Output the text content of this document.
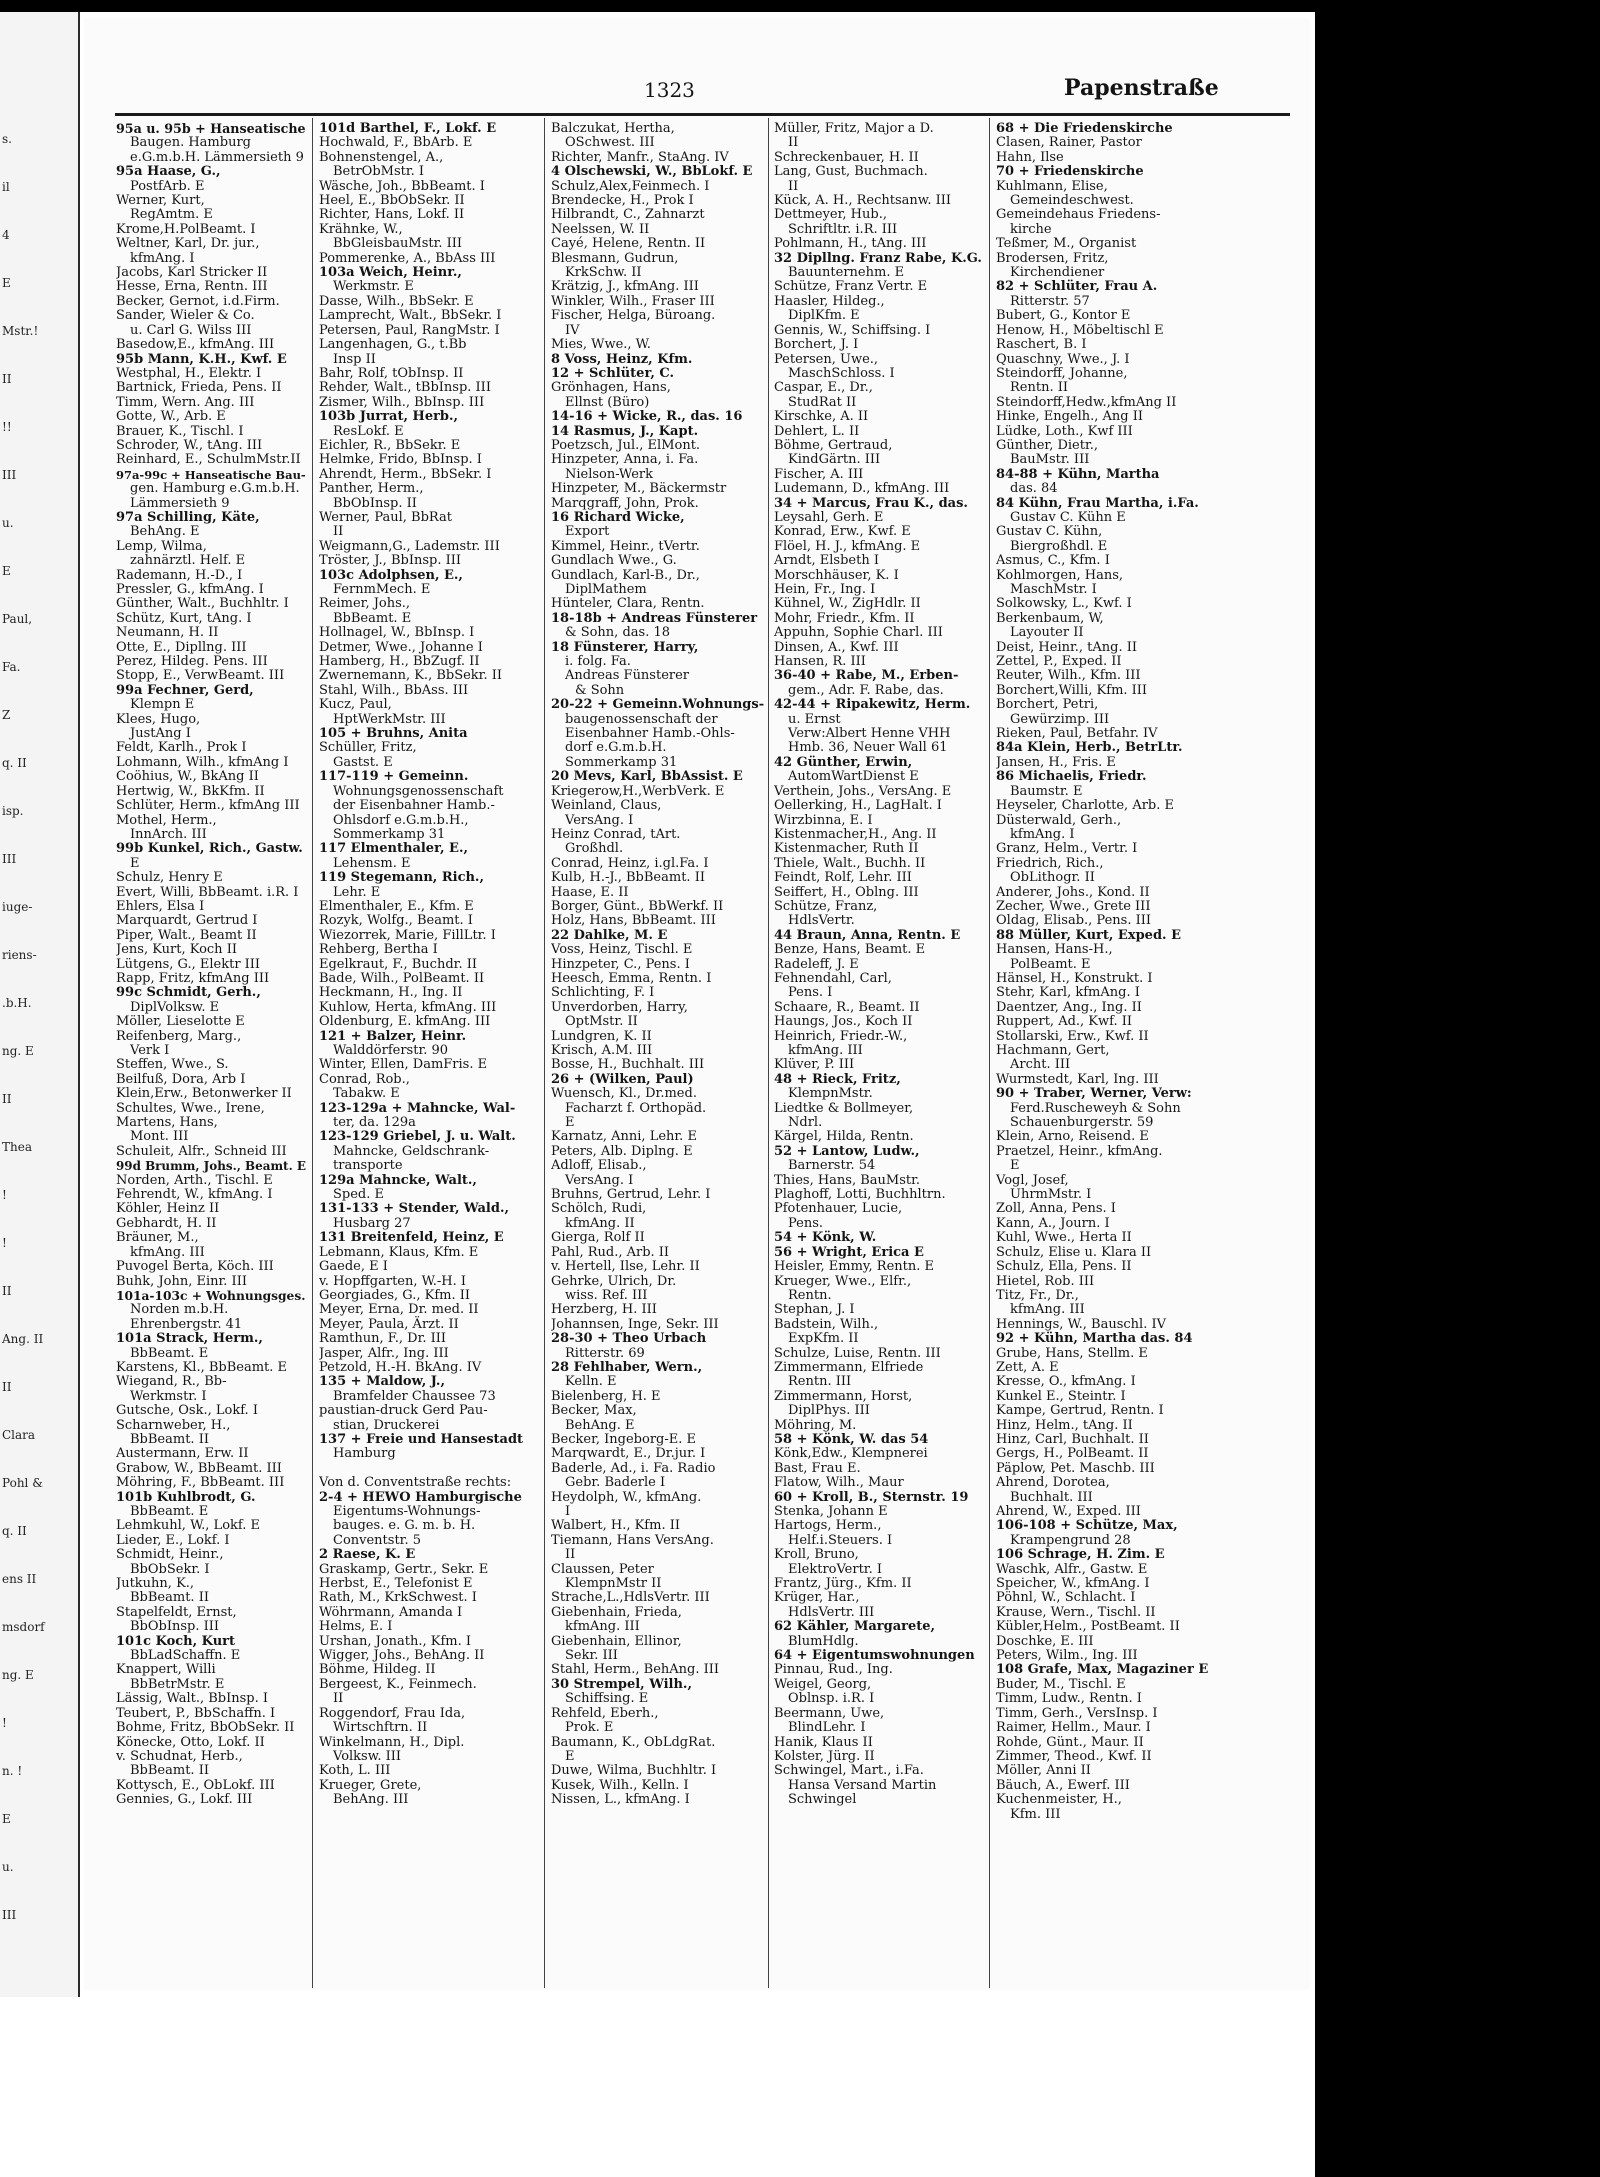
s.
il
4
E
Mstr.!
II
!!
III
u.
E
Paul,
Fa.
Z
q. II
isp.
III
iuge-
riens-
.b.H.
ng. E
II
Thea
!
!
II
Ang. II
II
Clara
Pohl &
q. II
ens II
msdorf
ng. E
!
n. !
E
u.
III
1323	Papenstraße
95a u. 95b + Hanseatische
Baugen. Hamburg
e.G.m.b.H. Lämmersieth 9
95a Haase, G.,
PostfArb. E
Werner, Kurt,
RegAmtm. E
Krome,H.PolBeamt. I
Weltner, Karl, Dr. jur.,
kfmAng. I
Jacobs, Karl Stricker II
Hesse, Erna, Rentn. III
Becker, Gernot, i.d.Firm.
Sander, Wieler & Co.
u. Carl G. Wilss III
Basedow,E., kfmAng. III
95b Mann, K.H., Kwf. E
Westphal, H., Elektr. I
Bartnick, Frieda, Pens. II
Timm, Wern. Ang. III
Gotte, W., Arb. E
Brauer, K., Tischl. I
Schroder, W., tAng. III
Reinhard, E., SchulmMstr.II
97a-99c + Hanseatische Bau-
gen. Hamburg e.G.m.b.H.
Lämmersieth 9
97a Schilling, Käte,
BehAng. E
Lemp, Wilma,
zahnärztl. Helf. E
Rademann, H.-D., I
Pressler, G., kfmAng. I
Günther, Walt., Buchhltr. I
Schütz, Kurt, tAng. I
Neumann, H. II
Otte, E., Dipllng. III
Perez, Hildeg. Pens. III
Stopp, E., VerwBeamt. III
99a Fechner, Gerd,
Klempn E
Klees, Hugo,
JustAng I
Feldt, Karlh., Prok I
Lohmann, Wilh., kfmAng I
Coöhius, W., BkAng II
Hertwig, W., BkKfm. II
Schlüter, Herm., kfmAng III
Mothel, Herm.,
InnArch. III
99b Kunkel, Rich., Gastw.
E
Schulz, Henry E
Evert, Willi, BbBeamt. i.R. I
Ehlers, Elsa I
Marquardt, Gertrud I
Piper, Walt., Beamt II
Jens, Kurt, Koch II
Lütgens, G., Elektr III
Rapp, Fritz, kfmAng III
99c Schmidt, Gerh.,
DiplVolksw. E
Möller, Lieselotte E
Reifenberg, Marg.,
Verk I
Steffen, Wwe., S.
Beilfuß, Dora, Arb I
Klein,Erw., Betonwerker II
Schultes, Wwe., Irene,
Martens, Hans,
Mont. III
Schuleit, Alfr., Schneid III
99d Brumm, Johs., Beamt. E
Norden, Arth., Tischl. E
Fehrendt, W., kfmAng. I
Köhler, Heinz II
Gebhardt, H. II
Bräuner, M.,
kfmAng. III
Puvogel Berta, Köch. III
Buhk, John, Einr. III
101a-103c + Wohnungsges.
Norden m.b.H.
Ehrenbergstr. 41
101a Strack, Herm.,
BbBeamt. E
Karstens, Kl., BbBeamt. E
Wiegand, R., Bb-
Werkmstr. I
Gutsche, Osk., Lokf. I
Scharnweber, H.,
BbBeamt. II
Austermann, Erw. II
Grabow, W., BbBeamt. III
Möhring, F., BbBeamt. III
101b Kuhlbrodt, G.
BbBeamt. E
Lehmkuhl, W., Lokf. E
Lieder, E., Lokf. I
Schmidt, Heinr.,
BbObSekr. I
Jutkuhn, K.,
BbBeamt. II
Stapelfeldt, Ernst,
BbObInsp. III
101c Koch, Kurt
BbLadSchaffn. E
Knappert, Willi
BbBetrMstr. E
Lässig, Walt., BbInsp. I
Teubert, P., BbSchaffn. I
Bohme, Fritz, BbObSekr. II
Könecke, Otto, Lokf. II
v. Schudnat, Herb.,
BbBeamt. II
Kottysch, E., ObLokf. III
Gennies, G., Lokf. III
101d Barthel, F., Lokf. E
Hochwald, F., BbArb. E
Bohnenstengel, A.,
BetrObMstr. I
Wäsche, Joh., BbBeamt. I
Heel, E., BbObSekr. II
Richter, Hans, Lokf. II
Krähnke, W.,
BbGleisbauMstr. III
Pommerenke, A., BbAss III
103a Weich, Heinr.,
Werkmstr. E
Dasse, Wilh., BbSekr. E
Lamprecht, Walt., BbSekr. I
Petersen, Paul, RangMstr. I
Langenhagen, G., t.Bb
Insp II
Bahr, Rolf, tObInsp. II
Rehder, Walt., tBbInsp. III
Zismer, Wilh., BbInsp. III
103b Jurrat, Herb.,
ResLokf. E
Eichler, R., BbSekr. E
Helmke, Frido, BbInsp. I
Ahrendt, Herm., BbSekr. I
Panther, Herm.,
BbObInsp. II
Werner, Paul, BbRat
II
Weigmann,G., Lademstr. III
Tröster, J., BbInsp. III
103c Adolphsen, E.,
FernmMech. E
Reimer, Johs.,
BbBeamt. E
Hollnagel, W., BbInsp. I
Detmer, Wwe., Johanne I
Hamberg, H., BbZugf. II
Zwernemann, K., BbSekr. II
Stahl, Wilh., BbAss. III
Kucz, Paul,
HptWerkMstr. III
105 + Bruhns, Anita
Schüller, Fritz,
Gastst. E
117-119 + Gemeinn.
Wohnungsgenossenschaft
der Eisenbahner Hamb.-
Ohlsdorf e.G.m.b.H.,
Sommerkamp 31
117 Elmenthaler, E.,
Lehensm. E
119 Stegemann, Rich.,
Lehr. E
Elmenthaler, E., Kfm. E
Rozyk, Wolfg., Beamt. I
Wiezorrek, Marie, FillLtr. I
Rehberg, Bertha I
Egelkraut, F., Buchdr. II
Bade, Wilh., PolBeamt. II
Heckmann, H., Ing. II
Kuhlow, Herta, kfmAng. III
Oldenburg, E. kfmAng. III
121 + Balzer, Heinr.
Walddörferstr. 90
Winter, Ellen, DamFris. E
Conrad, Rob.,
Tabakw. E
123-129a + Mahncke, Wal-
ter, da. 129a
123-129 Griebel, J. u. Walt.
Mahncke, Geldschrank-
transporte
129a Mahncke, Walt.,
Sped. E
131-133 + Stender, Wald.,
Husbarg 27
131 Breitenfeld, Heinz, E
Lebmann, Klaus, Kfm. E
Gaede, E I
v. Hopffgarten, W.-H. I
Georgiades, G., Kfm. II
Meyer, Erna, Dr. med. II
Meyer, Paula, Ärzt. II
Ramthun, F., Dr. III
Jasper, Alfr., Ing. III
Petzold, H.-H. BkAng. IV
135 + Maldow, J.,
Bramfelder Chaussee 73
paustian-druck Gerd Pau-
stian, Druckerei
137 + Freie und Hansestadt
Hamburg

Von d. Conventstraße rechts:
2-4 + HEWO Hamburgische
Eigentums-Wohnungs-
bauges. e. G. m. b. H.
Conventstr. 5
2 Raese, K. E
Graskamp, Gertr., Sekr. E
Herbst, E., Telefonist E
Rath, M., KrkSchwest. I
Wöhrmann, Amanda I
Helms, E. I
Urshan, Jonath., Kfm. I
Wigger, Johs., BehAng. II
Böhme, Hildeg. II
Bergeest, K., Feinmech.
II
Roggendorf, Frau Ida,
Wirtschftrn. II
Winkelmann, H., Dipl.
Volksw. III
Koth, L. III
Krueger, Grete,
BehAng. III
Balczukat, Hertha,
OSchwest. III
Richter, Manfr., StaAng. IV
4 Olschewski, W., BbLokf. E
Schulz,Alex,Feinmech. I
Brendecke, H., Prok I
Hilbrandt, C., Zahnarzt
Neelssen, W. II
Cayé, Helene, Rentn. II
Blesmann, Gudrun,
KrkSchw. II
Krätzig, J., kfmAng. III
Winkler, Wilh., Fraser III
Fischer, Helga, Büroang.
IV
Mies, Wwe., W.
8 Voss, Heinz, Kfm.
12 + Schlüter, C.
Grönhagen, Hans,
Ellnst (Büro)
14-16 + Wicke, R., das. 16
14 Rasmus, J., Kapt.
Poetzsch, Jul., ElMont.
Hinzpeter, Anna, i. Fa.
Nielson-Werk
Hinzpeter, M., Bäckermstr
Marqgraff, John, Prok.
16 Richard Wicke,
Export
Kimmel, Heinr., tVertr.
Gundlach Wwe., G.
Gundlach, Karl-B., Dr.,
DiplMathem
Hünteler, Clara, Rentn.
18-18b + Andreas Fünsterer
& Sohn, das. 18
18 Fünsterer, Harry,
i. folg. Fa.
Andreas Fünsterer
& Sohn
20-22 + Gemeinn.Wohnungs-
baugenossenschaft der
Eisenbahner Hamb.-Ohls-
dorf e.G.m.b.H.
Sommerkamp 31
20 Mevs, Karl, BbAssist. E
Kriegerow,H.,WerbVerk. E
Weinland, Claus,
VersAng. I
Heinz Conrad, tArt.
Großhdl.
Conrad, Heinz, i.gl.Fa. I
Kulb, H.-J., BbBeamt. II
Haase, E. II
Borger, Günt., BbWerkf. II
Holz, Hans, BbBeamt. III
22 Dahlke, M. E
Voss, Heinz, Tischl. E
Hinzpeter, C., Pens. I
Heesch, Emma, Rentn. I
Schlichting, F. I
Unverdorben, Harry,
OptMstr. II
Lundgren, K. II
Krisch, A.M. III
Bosse, H., Buchhalt. III
26 + (Wilken, Paul)
Wuensch, Kl., Dr.med.
Facharzt f. Orthopäd.
E
Karnatz, Anni, Lehr. E
Peters, Alb. Diplng. E
Adloff, Elisab.,
VersAng. I
Bruhns, Gertrud, Lehr. I
Schölch, Rudi,
kfmAng. II
Gierga, Rolf II
Pahl, Rud., Arb. II
v. Hertell, Ilse, Lehr. II
Gehrke, Ulrich, Dr.
wiss. Ref. III
Herzberg, H. III
Johannsen, Inge, Sekr. III
28-30 + Theo Urbach
Ritterstr. 69
28 Fehlhaber, Wern.,
Kelln. E
Bielenberg, H. E
Becker, Max,
BehAng. E
Becker, Ingeborg-E. E
Marqwardt, E., Dr.jur. I
Baderle, Ad., i. Fa. Radio
Gebr. Baderle I
Heydolph, W., kfmAng.
I
Walbert, H., Kfm. II
Tiemann, Hans VersAng.
II
Claussen, Peter
KlempnMstr II
Strache,L.,HdlsVertr. III
Giebenhain, Frieda,
kfmAng. III
Giebenhain, Ellinor,
Sekr. III
Stahl, Herm., BehAng. III
30 Strempel, Wilh.,
Schiffsing. E
Rehfeld, Eberh.,
Prok. E
Baumann, K., ObLdgRat.
E
Duwe, Wilma, Buchhltr. I
Kusek, Wilh., Kelln. I
Nissen, L., kfmAng. I
Müller, Fritz, Major a D.
II
Schreckenbauer, H. II
Lang, Gust, Buchmach.
II
Kück, A. H., Rechtsanw. III
Dettmeyer, Hub.,
Schriftltr. i.R. III
Pohlmann, H., tAng. III
32 Dipllng. Franz Rabe, K.G.
Bauunternehm. E
Schütze, Franz Vertr. E
Haasler, Hildeg.,
DiplKfm. E
Gennis, W., Schiffsing. I
Borchert, J. I
Petersen, Uwe.,
MaschSchloss. I
Caspar, E., Dr.,
StudRat II
Kirschke, A. II
Dehlert, L. II
Böhme, Gertraud,
KindGärtn. III
Fischer, A. III
Ludemann, D., kfmAng. III
34 + Marcus, Frau K., das.
Leysahl, Gerh. E
Konrad, Erw., Kwf. E
Flöel, H. J., kfmAng. E
Arndt, Elsbeth I
Morschhäuser, K. I
Hein, Fr., Ing. I
Kühnel, W., ZigHdlr. II
Mohr, Friedr., Kfm. II
Appuhn, Sophie Charl. III
Dinsen, A., Kwf. III
Hansen, R. III
36-40 + Rabe, M., Erben-
gem., Adr. F. Rabe, das.
42-44 + Ripakewitz, Herm.
u. Ernst
Verw:Albert Henne VHH
Hmb. 36, Neuer Wall 61
42 Günther, Erwin,
AutomWartDienst E
Verthein, Johs., VersAng. E
Oellerking, H., LagHalt. I
Wirzbinna, E. I
Kistenmacher,H., Ang. II
Kistenmacher, Ruth II
Thiele, Walt., Buchh. II
Feindt, Rolf, Lehr. III
Seiffert, H., Oblng. III
Schütze, Franz,
HdlsVertr.
44 Braun, Anna, Rentn. E
Benze, Hans, Beamt. E
Radeleff, J. E
Fehnendahl, Carl,
Pens. I
Schaare, R., Beamt. II
Haungs, Jos., Koch II
Heinrich, Friedr.-W.,
kfmAng. III
Klüver, P. III
48 + Rieck, Fritz,
KlempnMstr.
Liedtke & Bollmeyer,
Ndrl.
Kärgel, Hilda, Rentn.
52 + Lantow, Ludw.,
Barnerstr. 54
Thies, Hans, BauMstr.
Plaghoff, Lotti, Buchhltrn.
Pfotenhauer, Lucie,
Pens.
54 + Könk, W.
56 + Wright, Erica E
Heisler, Emmy, Rentn. E
Krueger, Wwe., Elfr.,
Rentn.
Stephan, J. I
Badstein, Wilh.,
ExpKfm. II
Schulze, Luise, Rentn. III
Zimmermann, Elfriede
Rentn. III
Zimmermann, Horst,
DiplPhys. III
Möhring, M.
58 + Könk, W. das 54
Könk,Edw., Klempnerei
Bast, Frau E.
Flatow, Wilh., Maur
60 + Kroll, B., Sternstr. 19
Stenka, Johann E
Hartogs, Herm.,
Helf.i.Steuers. I
Kroll, Bruno,
ElektroVertr. I
Frantz, Jürg., Kfm. II
Krüger, Har.,
HdlsVertr. III
62 Kähler, Margarete,
BlumHdlg.
64 + Eigentumswohnungen
Pinnau, Rud., Ing.
Weigel, Georg,
Oblnsp. i.R. I
Beermann, Uwe,
BlindLehr. I
Hanik, Klaus II
Kolster, Jürg. II
Schwingel, Mart., i.Fa.
Hansa Versand Martin
Schwingel
68 + Die Friedenskirche
Clasen, Rainer, Pastor
Hahn, Ilse
70 + Friedenskirche
Kuhlmann, Elise,
Gemeindeschwest.
Gemeindehaus Friedens-
kirche
Teßmer, M., Organist
Brodersen, Fritz,
Kirchendiener
82 + Schlüter, Frau A.
Ritterstr. 57
Bubert, G., Kontor E
Henow, H., Möbeltischl E
Raschert, B. I
Quaschny, Wwe., J. I
Steindorff, Johanne,
Rentn. II
Steindorff,Hedw.,kfmAng II
Hinke, Engelh., Ang II
Lüdke, Loth., Kwf III
Günther, Dietr.,
BauMstr. III
84-88 + Kühn, Martha
das. 84
84 Kühn, Frau Martha, i.Fa.
Gustav C. Kühn E
Gustav C. Kühn,
Biergroßhdl. E
Asmus, C., Kfm. I
Kohlmorgen, Hans,
MaschMstr. I
Solkowsky, L., Kwf. I
Berkenbaum, W,
Layouter II
Deist, Heinr., tAng. II
Zettel, P., Exped. II
Reuter, Wilh., Kfm. III
Borchert,Willi, Kfm. III
Borchert, Petri,
Gewürzimp. III
Rieken, Paul, Betfahr. IV
84a Klein, Herb., BetrLtr.
Jansen, H., Fris. E
86 Michaelis, Friedr.
Baumstr. E
Heyseler, Charlotte, Arb. E
Düsterwald, Gerh.,
kfmAng. I
Granz, Helm., Vertr. I
Friedrich, Rich.,
ObLithogr. II
Anderer, Johs., Kond. II
Zecher, Wwe., Grete III
Oldag, Elisab., Pens. III
88 Müller, Kurt, Exped. E
Hansen, Hans-H.,
PolBeamt. E
Hänsel, H., Konstrukt. I
Stehr, Karl, kfmAng. I
Daentzer, Ang., Ing. II
Ruppert, Ad., Kwf. II
Stollarski, Erw., Kwf. II
Hachmann, Gert,
Archt. III
Wurmstedt, Karl, Ing. III
90 + Traber, Werner, Verw:
Ferd.Ruscheweyh & Sohn
Schauenburgerstr. 59
Klein, Arno, Reisend. E
Praetzel, Heinr., kfmAng.
E
Vogl, Josef,
UhrmMstr. I
Zoll, Anna, Pens. I
Kann, A., Journ. I
Kuhl, Wwe., Herta II
Schulz, Elise u. Klara II
Schulz, Ella, Pens. II
Hietel, Rob. III
Titz, Fr., Dr.,
kfmAng. III
Hennings, W., Bauschl. IV
92 + Kühn, Martha das. 84
Grube, Hans, Stellm. E
Zett, A. E
Kresse, O., kfmAng. I
Kunkel E., Steintr. I
Kampe, Gertrud, Rentn. I
Hinz, Helm., tAng. II
Hinz, Carl, Buchhalt. II
Gergs, H., PolBeamt. II
Päplow, Pet. Maschb. III
Ahrend, Dorotea,
Buchhalt. III
Ahrend, W., Exped. III
106-108 + Schütze, Max,
Krampengrund 28
106 Schrage, H. Zim. E
Waschk, Alfr., Gastw. E
Speicher, W., kfmAng. I
Pöhnl, W., Schlacht. I
Krause, Wern., Tischl. II
Kübler,Helm., PostBeamt. II
Doschke, E. III
Peters, Wilm., Ing. III
108 Grafe, Max, Magaziner E
Buder, M., Tischl. E
Timm, Ludw., Rentn. I
Timm, Gerh., VersInsp. I
Raimer, Hellm., Maur. I
Rohde, Günt., Maur. II
Zimmer, Theod., Kwf. II
Möller, Anni II
Bäuch, A., Ewerf. III
Kuchenmeister, H.,
Kfm. III
